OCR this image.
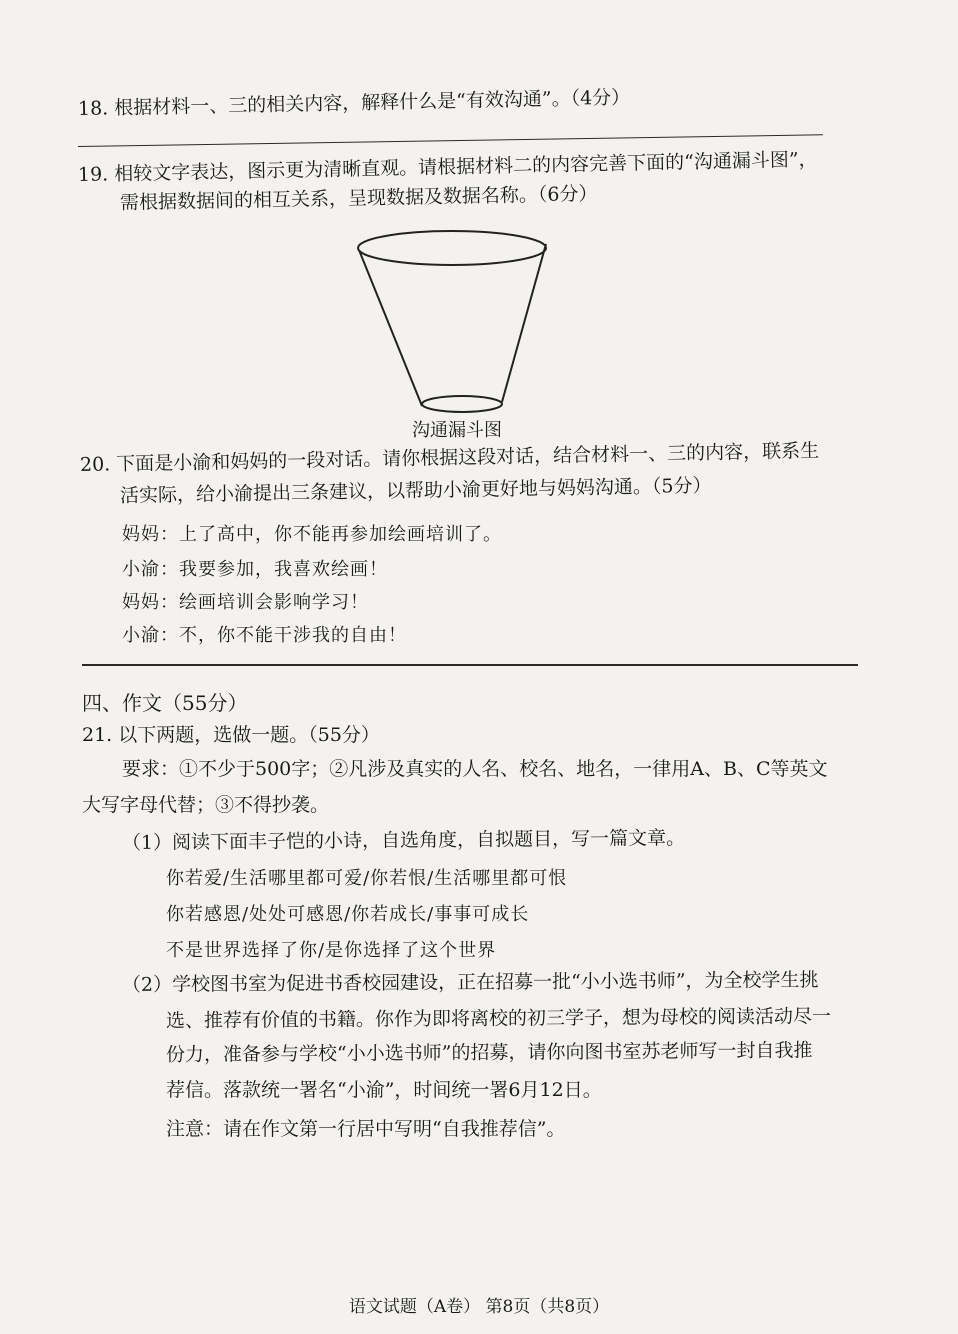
18. 根据材料一、三的相关内容，解释什么是“有效沟通”。（4分）
19. 相较文字表达，图示更为清晰直观。请根据材料二的内容完善下面的“沟通漏斗图”，
需根据数据间的相互关系，呈现数据及数据名称。（6分）
沟通漏斗图
20. 下面是小渝和妈妈的一段对话。请你根据这段对话，结合材料一、三的内容，联系生
活实际，给小渝提出三条建议，以帮助小渝更好地与妈妈沟通。（5分）
妈妈：上了高中，你不能再参加绘画培训了。
小渝：我要参加，我喜欢绘画！
妈妈：绘画培训会影响学习！
小渝：不，你不能干涉我的自由！
四、作文（55分）
21. 以下两题，选做一题。（55分）
要求：①不少于500字；②凡涉及真实的人名、校名、地名，一律用A、B、C等英文
大写字母代替；③不得抄袭。
（1）阅读下面丰子恺的小诗，自选角度，自拟题目，写一篇文章。
你若爱/生活哪里都可爱/你若恨/生活哪里都可恨
你若感恩/处处可感恩/你若成长/事事可成长
不是世界选择了你/是你选择了这个世界
（2）学校图书室为促进书香校园建设，正在招募一批“小小选书师”，为全校学生挑
选、推荐有价值的书籍。你作为即将离校的初三学子，想为母校的阅读活动尽一
份力，准备参与学校“小小选书师”的招募，请你向图书室苏老师写一封自我推
荐信。落款统一署名“小渝”，时间统一署6月12日。
注意：请在作文第一行居中写明“自我推荐信”。
语文试题（A卷） 第8页（共8页）
